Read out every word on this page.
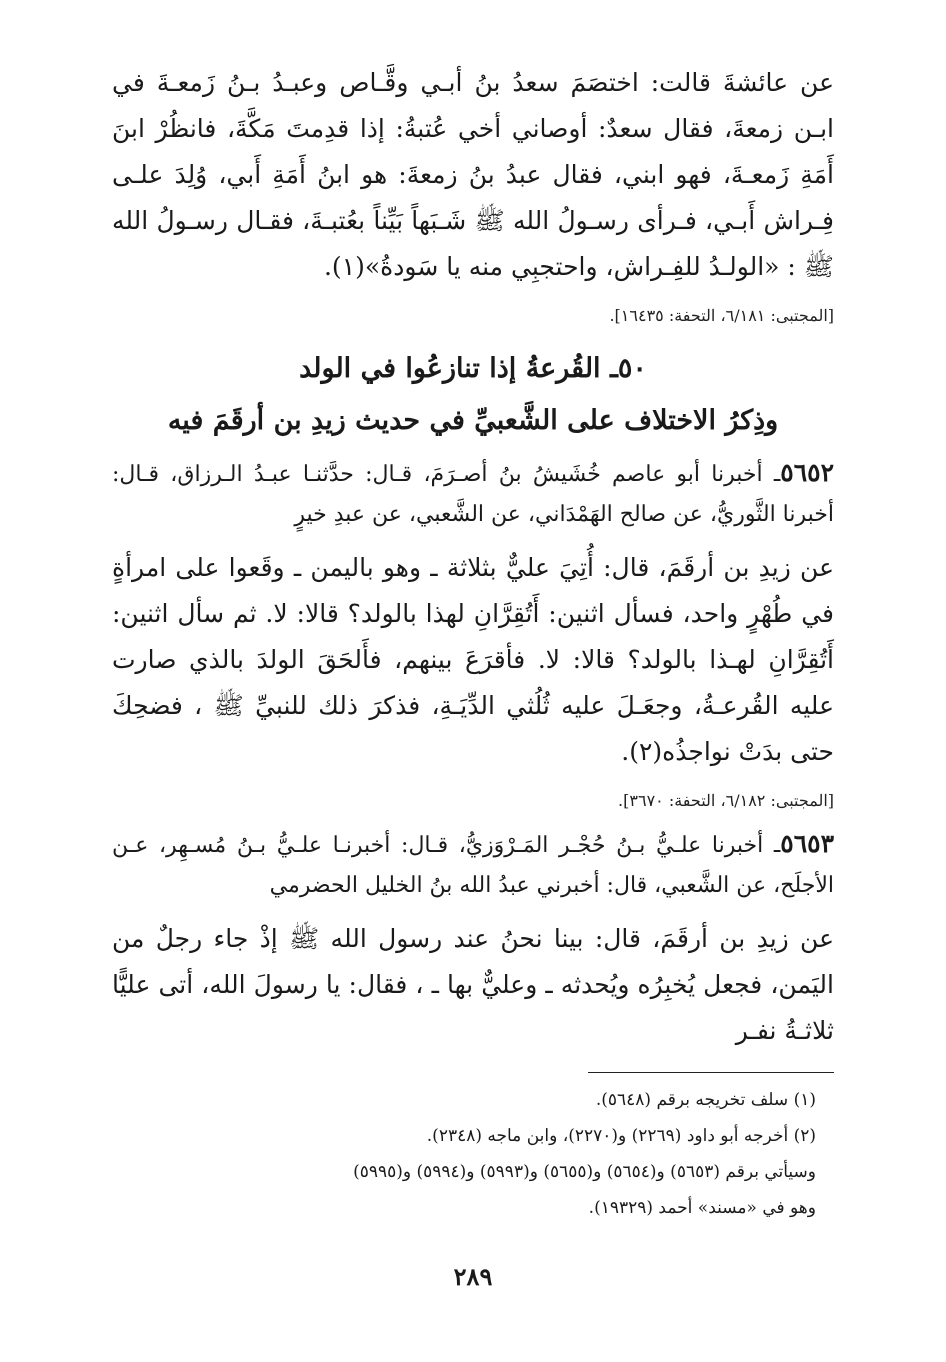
عن عائشةَ قالت: اختصَمَ سعدُ بنُ أبـي وقَّـاص وعبـدُ بـنُ زَمعـةَ في ابـن زمعةَ، فقال سعدٌ: أوصاني أخي عُتبةُ: إذا قدِمتَ مَكَّةَ، فانظُرْ ابنَ أَمَةِ زَمعـةَ، فهو ابني، فقال عبدُ بنُ زمعةَ: هو ابنُ أَمَةِ أَبي، وُلِدَ علـى فِـراش أَبـي، فـرأى رسـولُ الله ﷺ شَـبَهاً بَيِّناً بعُتبـةَ، فقـال رسـولُ الله ﷺ : «الولـدُ للفِـراش، واحتجبِي منه يا سَودةُ»(١).

[المجتبى: ٦/١٨١، التحفة: ١٦٤٣٥].
٥٠ـ القُرعةُ إذا تنازعُوا في الولد
وذِكرُ الاختلاف على الشَّعبيِّ في حديث زيدِ بن أرقَمَ فيه

٥٦٥٢ـ أخبرنا أبو عاصم خُشَيشُ بنُ أصـرَمَ، قـال: حدَّثنـا عبـدُ الـرزاق، قـال: أخبرنا الثَّوريُّ، عن صالح الهَمْدَاني، عن الشَّعبي، عن عبدِ خيرٍ

عن زيدِ بن أرقَمَ، قال: أُتِيَ عليٌّ بثلاثة ـ وهو باليمن ـ وقَعوا على امرأةٍ في طُهْرٍ واحد، فسأل اثنين: أَتُقِرَّانِ لهذا بالولد؟ قالا: لا. ثم سأل اثنين: أَتُقِرَّانِ لهـذا بالولد؟ قالا: لا. فأقرَعَ بينهم، فأَلحَقَ الولدَ بالذي صارت عليه القُرعـةُ، وجعَـلَ عليه ثُلُثي الدِّيَـةِ، فذكرَ ذلك للنبيِّ ﷺ ، فضحِكَ حتى بدَتْ نواجذُه(٢).

[المجتبى: ٦/١٨٢، التحفة: ٣٦٧٠].

٥٦٥٣ـ أخبرنا علـيُّ بـنُ حُجْـر المَـرْوَزيُّ، قـال: أخبرنـا علـيُّ بـنُ مُسـهِر، عـن الأجلَح، عن الشَّعبي، قال: أخبرني عبدُ الله بنُ الخليل الحضرمي

عن زيدِ بن أرقَمَ، قال: بينا نحنُ عند رسول الله ﷺ إذْ جاء رجلٌ من اليَمن، فجعل يُخبِرُه ويُحدثه ـ وعليٌّ بها ـ ، فقال: يا رسولَ الله، أتى عليًّا ثلاثـةُ نفـر

(١) سلف تخريجه برقم (٥٦٤٨).
(٢) أخرجه أبو داود (٢٢٦٩) و(٢٢٧٠)، وابن ماجه (٢٣٤٨).
وسيأتي برقم (٥٦٥٣) و(٥٦٥٤) و(٥٦٥٥) و(٥٩٩٣) و(٥٩٩٤) و(٥٩٩٥)
وهو في «مسند» أحمد (١٩٣٢٩).
٢٨٩
